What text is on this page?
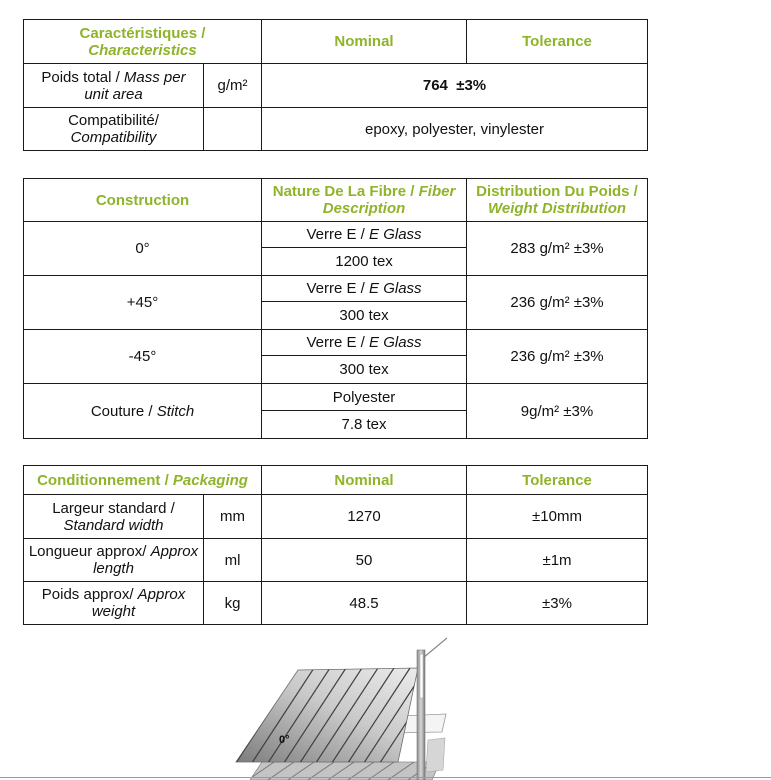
Caractéristiques / Characteristics		Nominal	Tolerance
Poids total / Mass per unit area	g/m²	764  ±3%	
Compatibilité/ Compatibility		epoxy, polyester, vinylester	
Construction	Nature De La Fibre / Fiber Description	Distribution Du Poids / Weight Distribution
0°	Verre E / E Glass	283 g/m² ±3%
	1200 tex	
+45°	Verre E / E Glass	236 g/m² ±3%
	300 tex	
-45°	Verre E / E Glass	236 g/m² ±3%
	300 tex	
Couture / Stitch	Polyester	9g/m² ±3%
	7.8 tex	
Conditionnement / Packaging		Nominal	Tolerance
Largeur standard / Standard width	mm	1270	±10mm
Longueur approx/ Approx length	ml	50	±1m
Poids approx/ Approx weight	kg	48.5	±3%
0°
